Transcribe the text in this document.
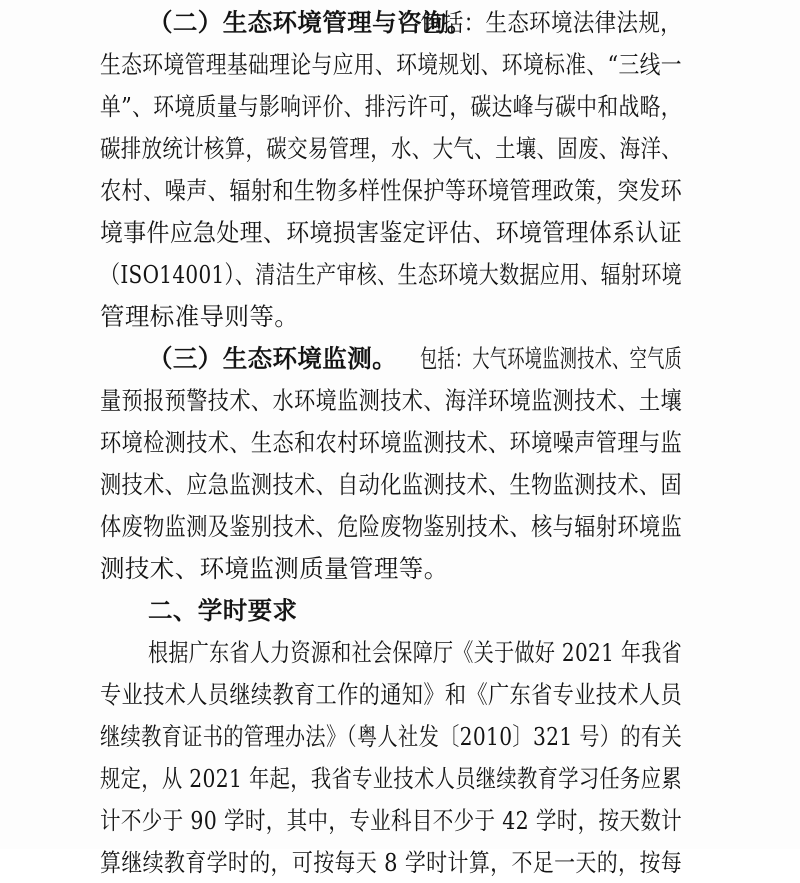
（二）生态环境管理与咨询。
包括：生态环境法律法规，
生态环境管理基础理论与应用、环境规划、环境标准、“三线一
单”、环境质量与影响评价、排污许可，碳达峰与碳中和战略，
碳排放统计核算，碳交易管理，水、大气、土壤、固废、海洋、
农村、噪声、辐射和生物多样性保护等环境管理政策，突发环
境事件应急处理、环境损害鉴定评估、环境管理体系认证
（ISO14001）、清洁生产审核、生态环境大数据应用、辐射环境
管理标准导则等。
（三）生态环境监测。 包括：大气环境监测技术、空气质
量预报预警技术、水环境监测技术、海洋环境监测技术、土壤
环境检测技术、生态和农村环境监测技术、环境噪声管理与监
测技术、应急监测技术、自动化监测技术、生物监测技术、固
体废物监测及鉴别技术、危险废物鉴别技术、核与辐射环境监
测技术、环境监测质量管理等。
二、学时要求
根据广东省人力资源和社会保障厅《关于做好 2021 年我省
专业技术人员继续教育工作的通知》和《广东省专业技术人员
继续教育证书的管理办法》（粤人社发〔2010〕321 号）的有关
规定，从 2021 年起，我省专业技术人员继续教育学习任务应累
计不少于 90 学时，其中，专业科目不少于 42 学时，按天数计
算继续教育学时的，可按每天 8 学时计算，不足一天的，按每
